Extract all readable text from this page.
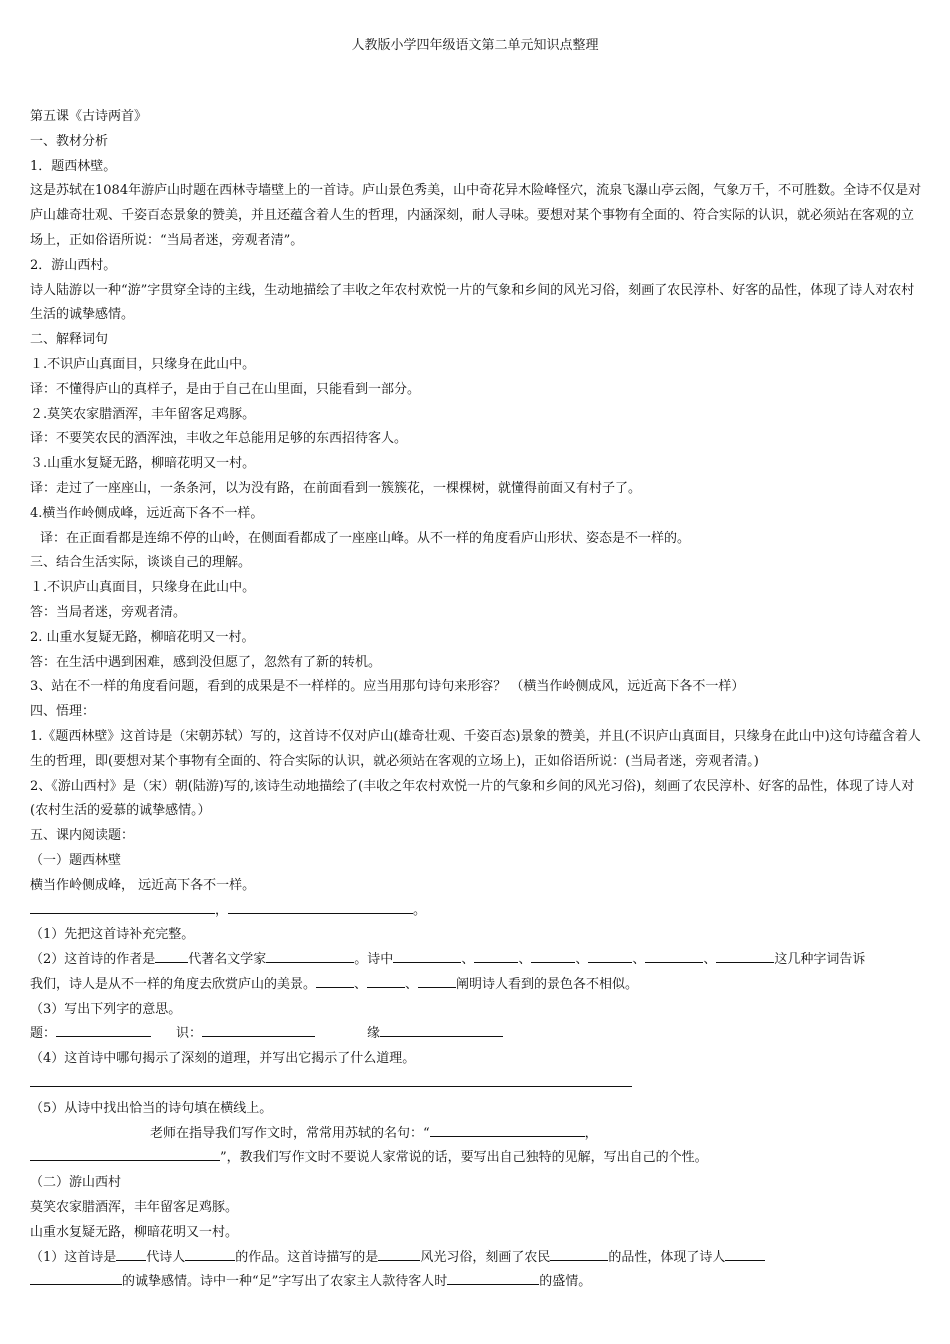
人教版小学四年级语文第二单元知识点整理
第五课《古诗两首》
一、教材分析
1．题西林壁。
这是苏轼在1084年游庐山时题在西林寺墙壁上的一首诗。庐山景色秀美，山中奇花异木险峰怪穴，流泉飞瀑山亭云阁，气象万千，不可胜数。全诗不仅是对庐山雄奇壮观、千姿百态景象的赞美，并且还蕴含着人生的哲理，内涵深刻，耐人寻味。要想对某个事物有全面的、符合实际的认识，就必须站在客观的立场上，正如俗语所说：“当局者迷，旁观者清”。
2．游山西村。
诗人陆游以一种“游”字贯穿全诗的主线，生动地描绘了丰收之年农村欢悦一片的气象和乡间的风光习俗，刻画了农民淳朴、好客的品性，体现了诗人对农村生活的诚挚感情。
二、解释词句
１.不识庐山真面目，只缘身在此山中。
译：不懂得庐山的真样子，是由于自己在山里面，只能看到一部分。
２.莫笑农家腊酒浑，丰年留客足鸡豚。
译：不要笑农民的酒浑浊，丰收之年总能用足够的东西招待客人。
３.山重水复疑无路，柳暗花明又一村。
译：走过了一座座山，一条条河，以为没有路，在前面看到一簇簇花，一棵棵树，就懂得前面又有村子了。
4.横当作岭侧成峰，远近高下各不一样。
译：在正面看都是连绵不停的山岭，在侧面看都成了一座座山峰。从不一样的角度看庐山形状、姿态是不一样的。
三、结合生活实际，谈谈自己的理解。
１.不识庐山真面目，只缘身在此山中。
答：当局者迷，旁观者清。
2. 山重水复疑无路，柳暗花明又一村。
答：在生活中遇到困难，感到没但愿了，忽然有了新的转机。
3、站在不一样的角度看问题，看到的成果是不一样样的。应当用那句诗句来形容？ （横当作岭侧成风，远近高下各不一样）
四、悟理：
1.《题西林壁》这首诗是（宋朝苏轼）写的，这首诗不仅对庐山(雄奇壮观、千姿百态)景象的赞美，并且(不识庐山真面目，只缘身在此山中)这句诗蕴含着人生的哲理，即(要想对某个事物有全面的、符合实际的认识，就必须站在客观的立场上)，正如俗语所说：(当局者迷，旁观者清。)
2、《游山西村》是（宋）朝(陆游)写的,该诗生动地描绘了(丰收之年农村欢悦一片的气象和乡间的风光习俗)，刻画了农民淳朴、好客的品性，体现了诗人对(农村生活的爱慕的诚挚感情。）
五、课内阅读题：
（一）题西林壁
横当作岭侧成峰， 远近高下各不一样。
，	。
（1）先把这首诗补充完整。
（2）这首诗的作者是	代著名文学家	。诗中	、	、	、	、	、	这几种字词告诉
我们，诗人是从不一样的角度去欣赏庐山的美景。	、	、	阐明诗人看到的景色各不相似。
（3）写出下列字的意思。
题：	识：	缘
（4）这首诗中哪句揭示了深刻的道理，并写出它揭示了什么道理。
（5）从诗中找出恰当的诗句填在横线上。
老师在指导我们写作文时，常常用苏轼的名句：“	，
”，教我们写作文时不要说人家常说的话，要写出自己独特的见解，写出自己的个性。
（二）游山西村
莫笑农家腊酒浑，丰年留客足鸡豚。
山重水复疑无路，柳暗花明又一村。
（1）这首诗是 代诗人	的作品。这首诗描写的是	风光习俗，刻画了农民	的品性，体现了诗人
的诚挚感情。诗中一种“足”字写出了农家主人款待客人时	的盛情。
